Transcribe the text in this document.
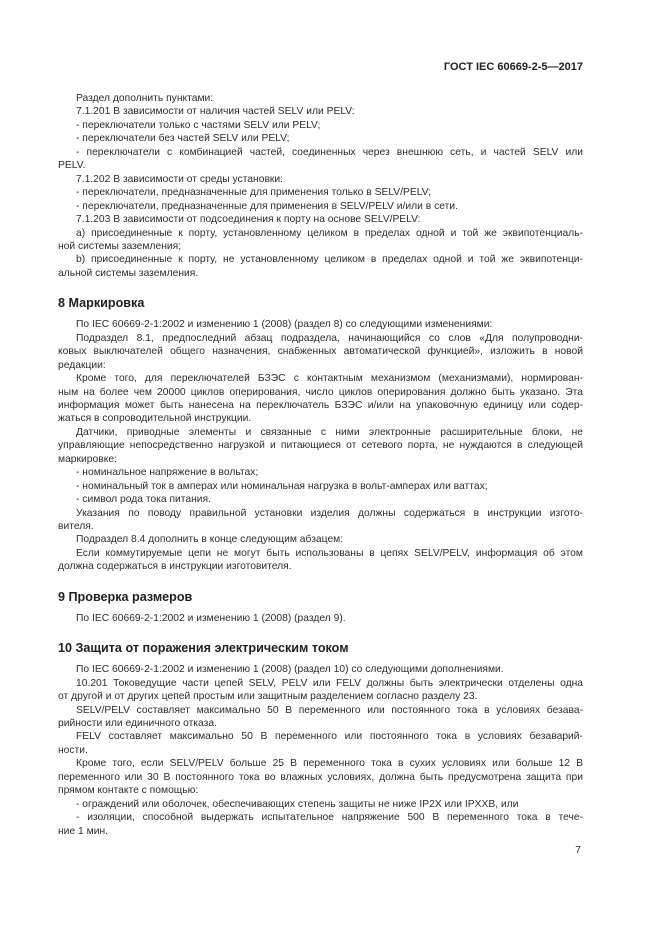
ГОСТ IEC 60669-2-5—2017
Раздел дополнить пунктами:
7.1.201 В зависимости от наличия частей SELV или PELV:
- переключатели только с частями SELV или PELV;
- переключатели без частей SELV или PELV;
- переключатели с комбинацией частей, соединенных через внешнюю сеть, и частей SELV или
PELV.
7.1.202 В зависимости от среды установки:
- переключатели, предназначенные для применения только в SELV/PELV;
- переключатели, предназначенные для применения в SELV/PELV и/или в сети.
7.1.203 В зависимости от подсоединения к порту на основе SELV/PELV:
а) присоединенные к порту, установленному целиком в пределах одной и той же эквипотенциаль-
ной системы заземления;
b) присоединенные к порту, не установленному целиком в пределах одной и той же эквипотенци-
альной системы заземления.
8 Маркировка
По IEC 60669-2-1:2002 и изменению 1 (2008) (раздел 8) со следующими изменениями:
Подраздел 8.1, предпоследний абзац подраздела, начинающийся со слов «Для полупроводни-
ковых выключателей общего назначения, снабженных автоматической функцией», изложить в новой
редакции:
Кроме того, для переключателей БЗЭС с контактным механизмом (механизмами), нормирован-
ным на более чем 20000 циклов оперирования, число циклов оперирования должно быть указано. Эта
информация может быть нанесена на переключатель БЗЭС и/или на упаковочную единицу или содер-
жаться в сопроводительной инструкции.
Датчики, приводные элементы и связанные с ними электронные расширительные блоки, не
управляющие непосредственно нагрузкой и питающиеся от сетевого порта, не нуждаются в следующей
маркировке:
- номинальное напряжение в вольтах;
- номинальный ток в амперах или номинальная нагрузка в вольт-амперах или ваттах;
- символ рода тока питания.
Указания по поводу правильной установки изделия должны содержаться в инструкции изгото-
вителя.
Подраздел 8.4 дополнить в конце следующим абзацем:
Если коммутируемые цепи не могут быть использованы в цепях SELV/PELV, информация об этом
должна содержаться в инструкции изготовителя.
9 Проверка размеров
По IEC 60669-2-1:2002 и изменению 1 (2008) (раздел 9).
10 Защита от поражения электрическим током
По IEC 60669-2-1:2002 и изменению 1 (2008) (раздел 10) со следующими дополнениями.
10.201 Токоведущие части цепей SELV, PELV или FELV должны быть электрически отделены одна
от другой и от других цепей простым или защитным разделением согласно разделу 23.
SELV/PELV составляет максимально 50 В переменного или постоянного тока в условиях безава-
рийности или единичного отказа.
FELV составляет максимально 50 В переменного или постоянного тока в условиях безаварий-
ности.
Кроме того, если SELV/PELV больше 25 В переменного тока в сухих условиях или больше 12 В
переменного или 30 В постоянного тока во влажных условиях, должна быть предусмотрена защита при
прямом контакте с помощью:
- ограждений или оболочек, обеспечивающих степень защиты не ниже IP2X или IPXXB, или
- изоляции, способной выдержать испытательное напряжение 500 В переменного тока в тече-
ние 1 мин.
7
